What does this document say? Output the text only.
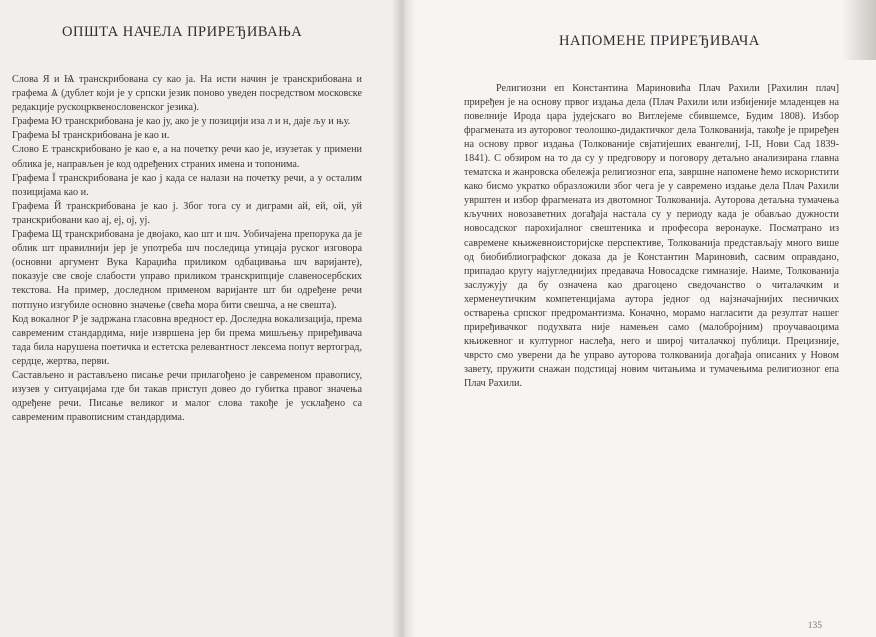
ОПШТА НАЧЕЛА ПРИРЕЂИВАЊА

Слова Я и Ѩ транскрибована су као ја. На исти начин је транскрибована и графема Ѧ (дублет који је у српски језик поново уведен посредством московске редакције рускоцрквенословенског језика).

Графема Ю транскрибована је као ју, ако је у позицији иза л и н, даје љу и њу.

Графема Ы транскрибована је као и.

Слово Е транскрибовано је као е, а на почетку речи као је, изузетак у примени облика је, направљен је код одређених страних имена и топонима.

Графема Ї транскрибована је као ј када се налази на почетку речи, а у осталим позицијама као и.

Графема Й транскрибована је као ј. Због тога су и диграми ай, ей, ой, уй транскрибовани као ај, еј, ој, уј.

Графема Щ транскрибована је двојако, као шт и шч. Уобичајена препорука да је облик шт правилнији јер је употреба шч последица утицаја руског изговора (основни аргумент Вука Караџића приликом одбацивања шч варијанте), показује све своје слабости управо приликом транскрипције славеносербских текстова. На пример, доследном применом варијанте шт би одређене речи потпуно изгубиле основно значење (свећа мора бити свешча, а не свешта).

Код вокалног Р је задржана гласовна вредност ер. Доследна вокализација, према савременим стандардима, није извршена јер би према мишљењу приређивача тада била нарушена поетичка и естетска релевантност лексема попут вертоград, сердце, жертва, перви.

Састављено и растављено писање речи прилагођено је савременом правопису, изузев у ситуацијама где би такав приступ довео до губитка правог значења одређене речи. Писање великог и малог слова такође је усклађено са савременим правописним стандардима.

НАПОМЕНЕ ПРИРЕЂИВАЧА

Религиозни еп Константина Мариновића Плач Рахили [Рахилин плач] приређен је на основу првог издања дела (Плач Рахили или избијеније младенцев на повелније Ирода цара јудејскаго во Витлејеме сбившемсе, Будим 1808). Избор фрагмената из ауторовог теолошко-дидактичког дела Толкованија, такође је приређен на основу првог издања (Толкованије свјатијеших евангелиј, I-II, Нови Сад 1839-1841). С обзиром на то да су у предговору и поговору детаљно анализирана главна тематска и жанровска обележја религиозног епа, завршне напомене ћемо искористити како бисмо укратко образложили због чега је у савремено издање дела Плач Рахили уврштен и избор фрагмената из двотомног Толкованија. Ауторова детаљна тумачења кључних новозаветних догађаја настала су у периоду када је обављао дужности новосадског парохијалног свештеника и професора веронауке. Посматрано из савремене књижевноисторијске перспективе, Толкованија представљају много више од биобиблиографског доказа да је Константин Мариновић, сасвим оправдано, припадао кругу најугледнијих предавача Новосадске гимназије. Наиме, Толкованија заслужују да бу означена као драгоцено сведочанство о читалачким и херменеутичким компетенцијама аутора једног од најзначајнијих песничких остварења српског предромантизма. Коначно, морамо нагласити да резултат нашег приређивачког подухвата није намењен само (малобројним) проучаваоцима књижевног и културног наслеђа, него и широј читалачкој публици. Прецизније, чврсто смо уверени да ће управо ауторова толкованија догађаја описаних у Новом завету, пружити снажан подстицај новим читањима и тумачењима религиозног епа Плач Рахили.

135
